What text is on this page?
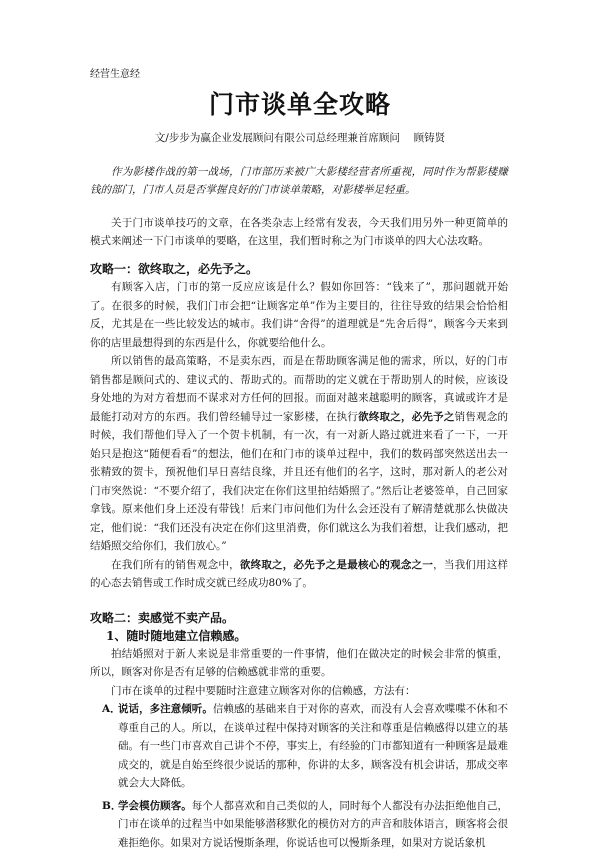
经营生意经
门市谈单全攻略
文/步步为赢企业发展顾问有限公司总经理兼首席顾问　 顾铸贤
作为影楼作战的第一战场，门市部历来被广大影楼经营者所重视，同时作为帮影楼赚钱的部门，门市人员是否掌握良好的门市谈单策略，对影楼举足轻重。
关于门市谈单技巧的文章，在各类杂志上经常有发表，今天我们用另外一种更简单的模式来阐述一下门市谈单的要略，在这里，我们暂时称之为门市谈单的四大心法攻略。
攻略一：欲终取之，必先予之。

有顾客入店，门市的第一反应应该是什么？假如你回答：“钱来了”，那问题就开始了。在很多的时候，我们门市会把“让顾客定单”作为主要目的，往往导致的结果会恰恰相反，尤其是在一些比较发达的城市。我们讲“舍得”的道理就是“先舍后得”，顾客今天来到你的店里最想得到的东西是什么，你就要给他什么。

所以销售的最高策略，不是卖东西，而是在帮助顾客满足他的需求，所以，好的门市销售都是顾问式的、建议式的、帮助式的。而帮助的定义就在于帮助别人的时候，应该设身处地的为对方着想而不谋求对方任何的回报。而面对越来越聪明的顾客，真诚或许才是最能打动对方的东西。我们曾经辅导过一家影楼，在执行欲终取之，必先予之销售观念的时候，我们帮他们导入了一个贺卡机制，有一次，有一对新人路过就进来看了一下，一开始只是抱这“随便看看”的想法，他们在和门市的谈单过程中，我们的数码部突然送出去一张精致的贺卡，预祝他们早日喜结良缘，并且还有他们的名字，这时，那对新人的老公对门市突然说：“不要介绍了，我们决定在你们这里拍结婚照了。”然后让老婆签单，自己回家拿钱。原来他们身上还没有带钱！后来门市问他们为什么会还没有了解清楚就那么快做决定，他们说：“我们还没有决定在你们这里消费，你们就这么为我们着想，让我们感动，把结婚照交给你们，我们放心。”

在我们所有的销售观念中，欲终取之，必先予之是最核心的观念之一，当我们用这样的心态去销售或工作时成交就已经成功80%了。

攻略二：卖感觉不卖产品。
1、随时随地建立信赖感。

拍结婚照对于新人来说是非常重要的一件事情，他们在做决定的时候会非常的慎重，所以，顾客对你是否有足够的信赖感就非常的重要。

门市在谈单的过程中要随时注意建立顾客对你的信赖感，方法有：

A．
说话，多注意倾听。信赖感的基础来自于对你的喜欢，而没有人会喜欢喋喋不休和不尊重自己的人。所以，在谈单过程中保持对顾客的关注和尊重是信赖感得以建立的基础。有一些门市喜欢自己讲个不停，事实上，有经验的门市都知道有一种顾客是最难成交的，就是自始至终很少说话的那种，你讲的太多，顾客没有机会讲话，那成交率就会大大降低。
B．
学会模仿顾客。每个人都喜欢和自己类似的人，同时每个人都没有办法拒绝他自己，门市在谈单的过程当中如果能够潜移默化的模仿对方的声音和肢体语言，顾客将会很难拒绝你。如果对方说话慢斯条理，你说话也可以慢斯条理，如果对方说话象机
